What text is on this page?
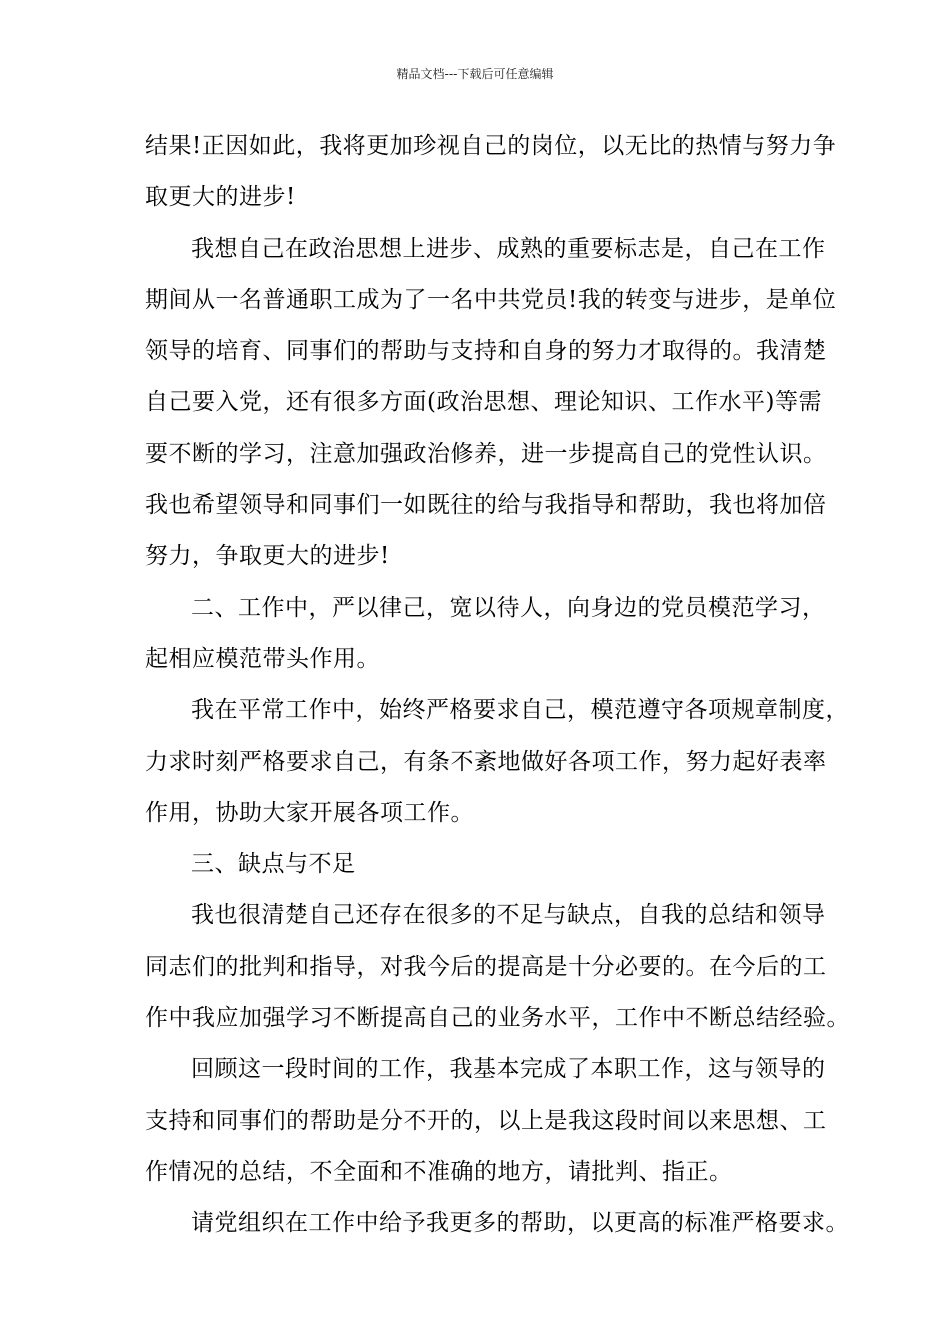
精品文档---下载后可任意编辑
结果!正因如此，我将更加珍视自己的岗位，以无比的热情与努力争
取更大的进步!
我想自己在政治思想上进步、成熟的重要标志是，自己在工作
期间从一名普通职工成为了一名中共党员!我的转变与进步，是单位
领导的培育、同事们的帮助与支持和自身的努力才取得的。我清楚
自己要入党，还有很多方面(政治思想、理论知识、工作水平)等需
要不断的学习，注意加强政治修养，进一步提高自己的党性认识。
我也希望领导和同事们一如既往的给与我指导和帮助，我也将加倍
努力，争取更大的进步!
二、工作中，严以律己，宽以待人，向身边的党员模范学习，
起相应模范带头作用。
我在平常工作中，始终严格要求自己，模范遵守各项规章制度，
力求时刻严格要求自己，有条不紊地做好各项工作，努力起好表率
作用，协助大家开展各项工作。
三、缺点与不足
我也很清楚自己还存在很多的不足与缺点，自我的总结和领导
同志们的批判和指导，对我今后的提高是十分必要的。在今后的工
作中我应加强学习不断提高自己的业务水平，工作中不断总结经验。
回顾这一段时间的工作，我基本完成了本职工作，这与领导的
支持和同事们的帮助是分不开的，以上是我这段时间以来思想、工
作情况的总结，不全面和不准确的地方，请批判、指正。
请党组织在工作中给予我更多的帮助，以更高的标准严格要求。
